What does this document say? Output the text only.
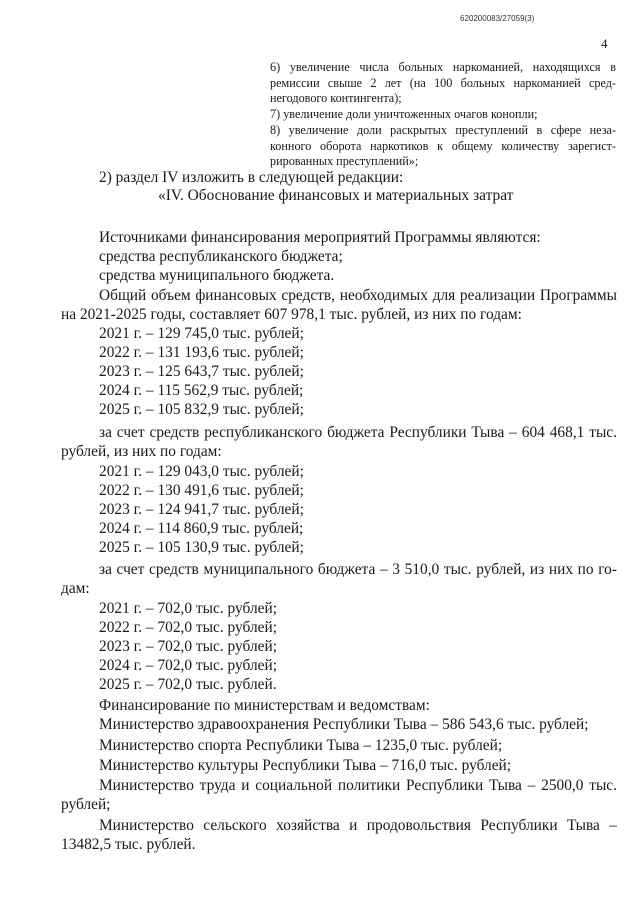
620200083/27059(3)
4
6) увеличение числа больных наркоманией, находящихся в
ремиссии свыше 2 лет (на 100 больных наркоманией сред-
негодового контингента);
7) увеличение доли уничтоженных очагов конопли;
8) увеличение доли раскрытых преступлений в сфере неза-
конного оборота наркотиков к общему количеству зарегист-
рированных преступлений»;
2) раздел IV изложить в следующей редакции:
«IV. Обоснование финансовых и материальных затрат
Источниками финансирования мероприятий Программы являются:
средства республиканского бюджета;
средства муниципального бюджета.
Общий объем финансовых средств, необходимых для реализации Программы
на 2021-2025 годы, составляет 607 978,1 тыс. рублей, из них по годам:
2021 г. – 129 745,0 тыс. рублей;
2022 г. – 131 193,6 тыс. рублей;
2023 г. – 125 643,7 тыс. рублей;
2024 г. – 115 562,9 тыс. рублей;
2025 г. – 105 832,9 тыс. рублей;
за счет средств республиканского бюджета Республики Тыва – 604 468,1 тыс.
рублей, из них по годам:
2021 г. – 129 043,0 тыс. рублей;
2022 г. – 130 491,6 тыс. рублей;
2023 г. – 124 941,7 тыс. рублей;
2024 г. – 114 860,9 тыс. рублей;
2025 г. – 105 130,9 тыс. рублей;
за счет средств муниципального бюджета – 3 510,0 тыс. рублей, из них по го-
дам:
2021 г. – 702,0 тыс. рублей;
2022 г. – 702,0 тыс. рублей;
2023 г. – 702,0 тыс. рублей;
2024 г. – 702,0 тыс. рублей;
2025 г. – 702,0 тыс. рублей.
Финансирование по министерствам и ведомствам:
Министерство здравоохранения Республики Тыва – 586 543,6 тыс. рублей;
Министерство спорта Республики Тыва – 1235,0 тыс. рублей;
Министерство культуры Республики Тыва – 716,0 тыс. рублей;
Министерство труда и социальной политики Республики Тыва – 2500,0 тыс.
рублей;
Министерство сельского хозяйства и продовольствия Республики Тыва –
13482,5 тыс. рублей.
